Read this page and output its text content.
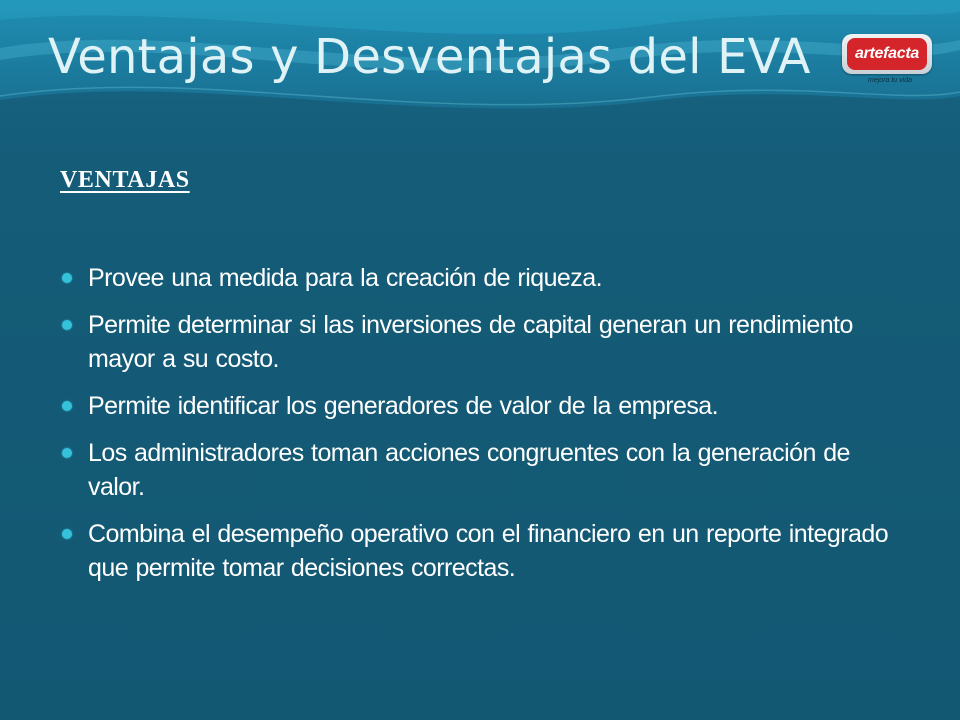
Ventajas y Desventajas del EVA	artefacta
mejora tu vida
VENTAJAS
Provee una medida para la creación de riqueza.
Permite determinar si las inversiones de capital generan un rendimiento mayor a su costo.
Permite identificar los generadores de valor de la empresa.
Los administradores toman acciones congruentes con la generación de valor.
Combina el desempeño operativo con el financiero en un reporte integrado que permite tomar decisiones correctas.
